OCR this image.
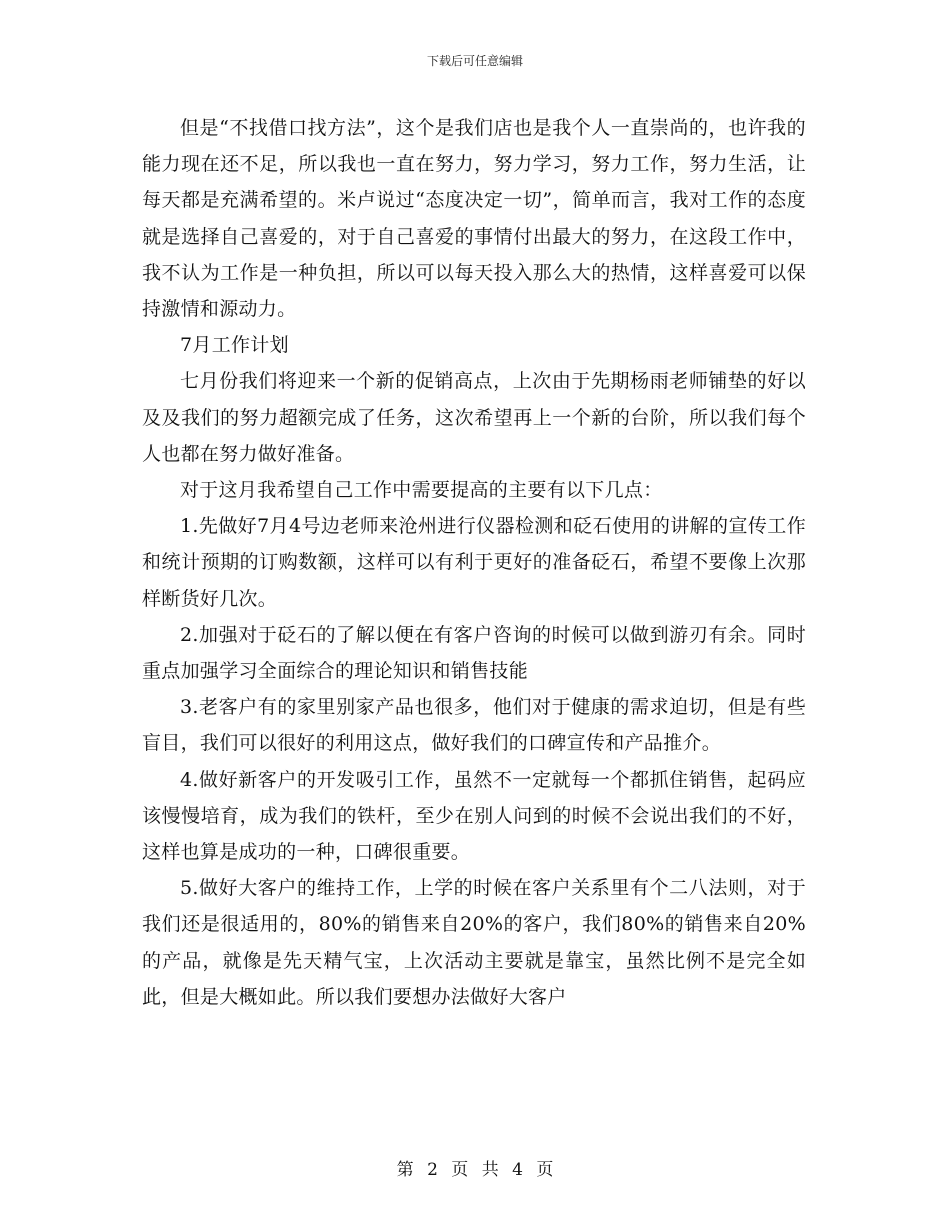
下载后可任意编辑

但是“不找借口找方法”，这个是我们店也是我个人一直崇尚的，也许我的能力现在还不足，所以我也一直在努力，努力学习，努力工作，努力生活，让每天都是充满希望的。米卢说过“态度决定一切”，简单而言，我对工作的态度就是选择自己喜爱的，对于自己喜爱的事情付出最大的努力，在这段工作中，我不认为工作是一种负担，所以可以每天投入那么大的热情，这样喜爱可以保持激情和源动力。

7月工作计划

七月份我们将迎来一个新的促销高点，上次由于先期杨雨老师铺垫的好以及及我们的努力超额完成了任务，这次希望再上一个新的台阶，所以我们每个人也都在努力做好准备。

对于这月我希望自己工作中需要提高的主要有以下几点：

1.先做好7月4号边老师来沧州进行仪器检测和砭石使用的讲解的宣传工作和统计预期的订购数额，这样可以有利于更好的准备砭石，希望不要像上次那样断货好几次。

2.加强对于砭石的了解以便在有客户咨询的时候可以做到游刃有余。同时重点加强学习全面综合的理论知识和销售技能

3.老客户有的家里别家产品也很多，他们对于健康的需求迫切，但是有些盲目，我们可以很好的利用这点，做好我们的口碑宣传和产品推介。

4.做好新客户的开发吸引工作，虽然不一定就每一个都抓住销售，起码应该慢慢培育，成为我们的铁杆，至少在别人问到的时候不会说出我们的不好，这样也算是成功的一种，口碑很重要。

5.做好大客户的维持工作，上学的时候在客户关系里有个二八法则，对于我们还是很适用的，80%的销售来自20%的客户，我们80%的销售来自20%的产品，就像是先天精气宝，上次活动主要就是靠宝，虽然比例不是完全如此，但是大概如此。所以我们要想办法做好大客户

第 2 页 共 4 页
